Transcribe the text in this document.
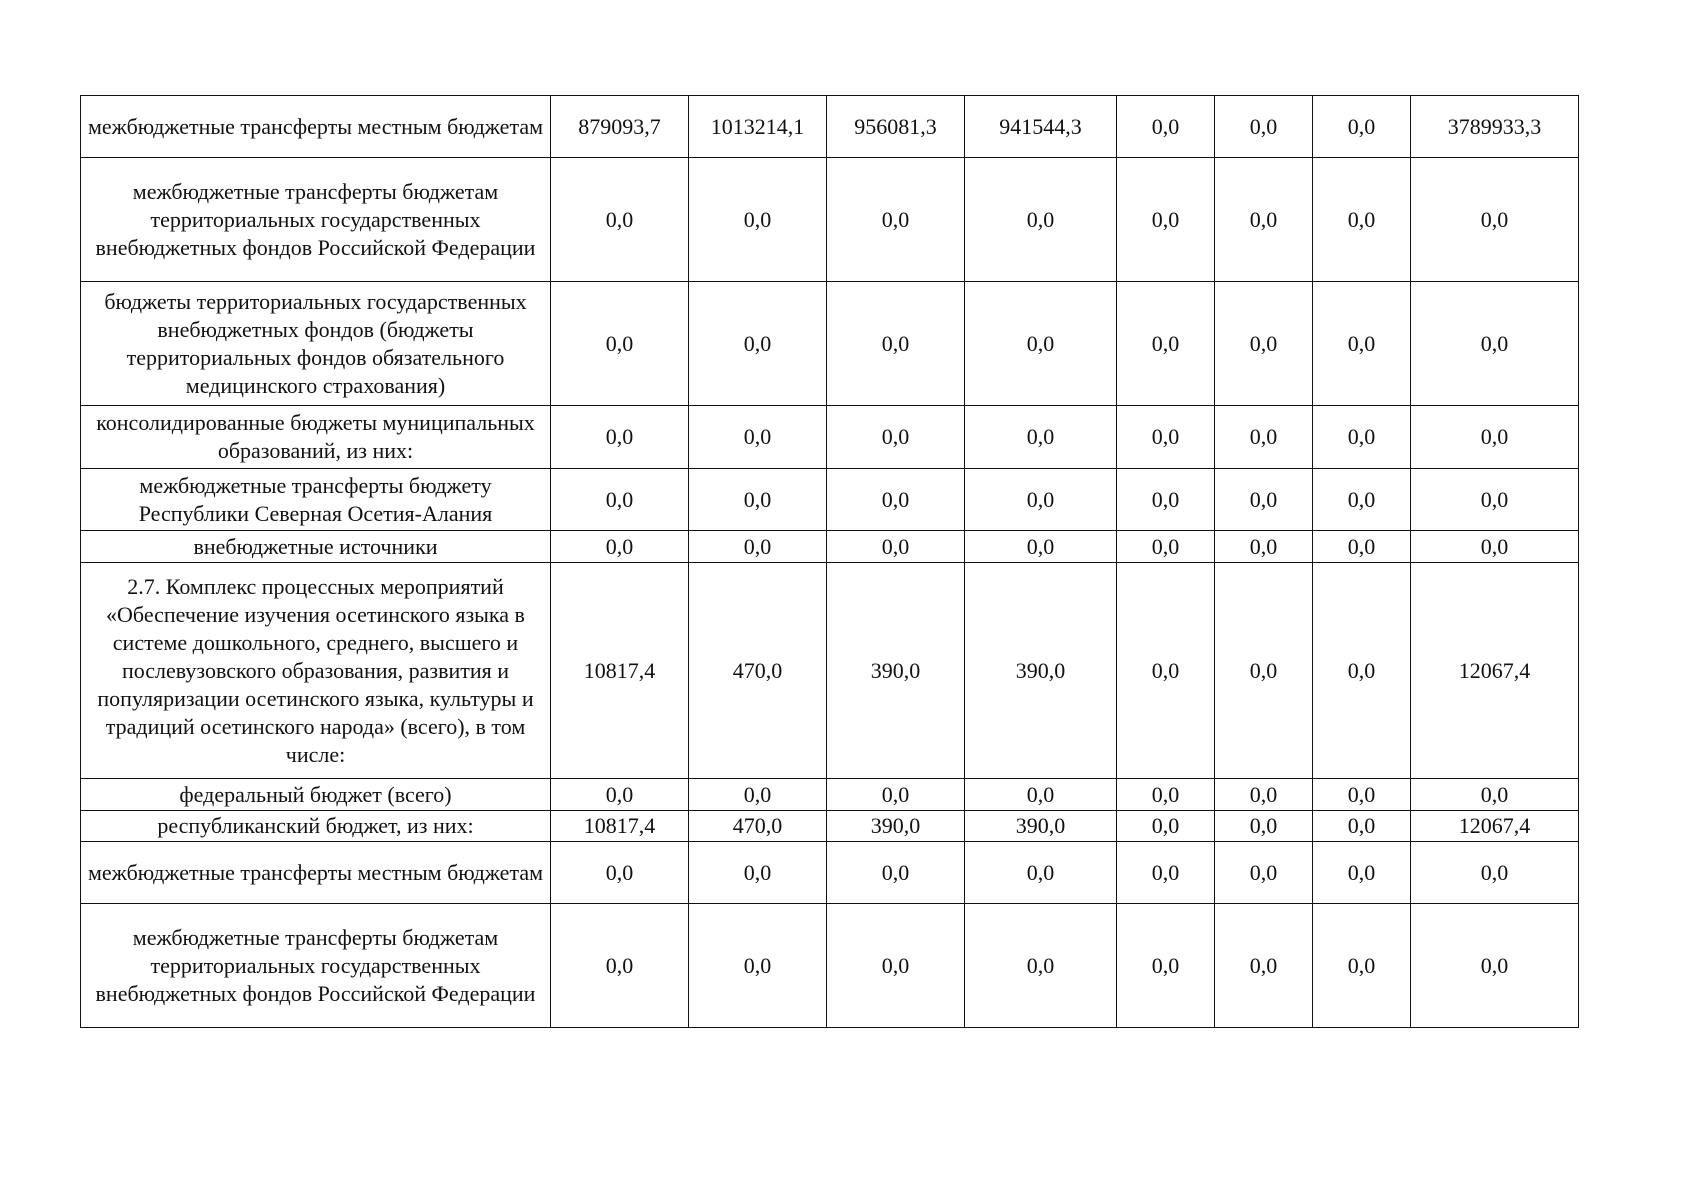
межбюджетные трансферты местным бюджетам	879093,7	1013214,1	956081,3	941544,3	0,0	0,0	0,0	3789933,3
межбюджетные трансферты бюджетам территориальных государственных внебюджетных фондов Российской Федерации	0,0	0,0	0,0	0,0	0,0	0,0	0,0	0,0
бюджеты территориальных государственных внебюджетных фондов (бюджеты территориальных фондов обязательного медицинского страхования)	0,0	0,0	0,0	0,0	0,0	0,0	0,0	0,0
консолидированные бюджеты муниципальных образований, из них:	0,0	0,0	0,0	0,0	0,0	0,0	0,0	0,0
межбюджетные трансферты бюджету Республики Северная Осетия-Алания	0,0	0,0	0,0	0,0	0,0	0,0	0,0	0,0
внебюджетные источники	0,0	0,0	0,0	0,0	0,0	0,0	0,0	0,0
2.7. Комплекс процессных мероприятий «Обеспечение изучения осетинского языка в системе дошкольного, среднего, высшего и послевузовского образования, развития и популяризации осетинского языка, культуры и традиций осетинского народа» (всего), в том числе:	10817,4	470,0	390,0	390,0	0,0	0,0	0,0	12067,4
федеральный бюджет (всего)	0,0	0,0	0,0	0,0	0,0	0,0	0,0	0,0
республиканский бюджет, из них:	10817,4	470,0	390,0	390,0	0,0	0,0	0,0	12067,4
межбюджетные трансферты местным бюджетам	0,0	0,0	0,0	0,0	0,0	0,0	0,0	0,0
межбюджетные трансферты бюджетам территориальных государственных внебюджетных фондов Российской Федерации	0,0	0,0	0,0	0,0	0,0	0,0	0,0	0,0
